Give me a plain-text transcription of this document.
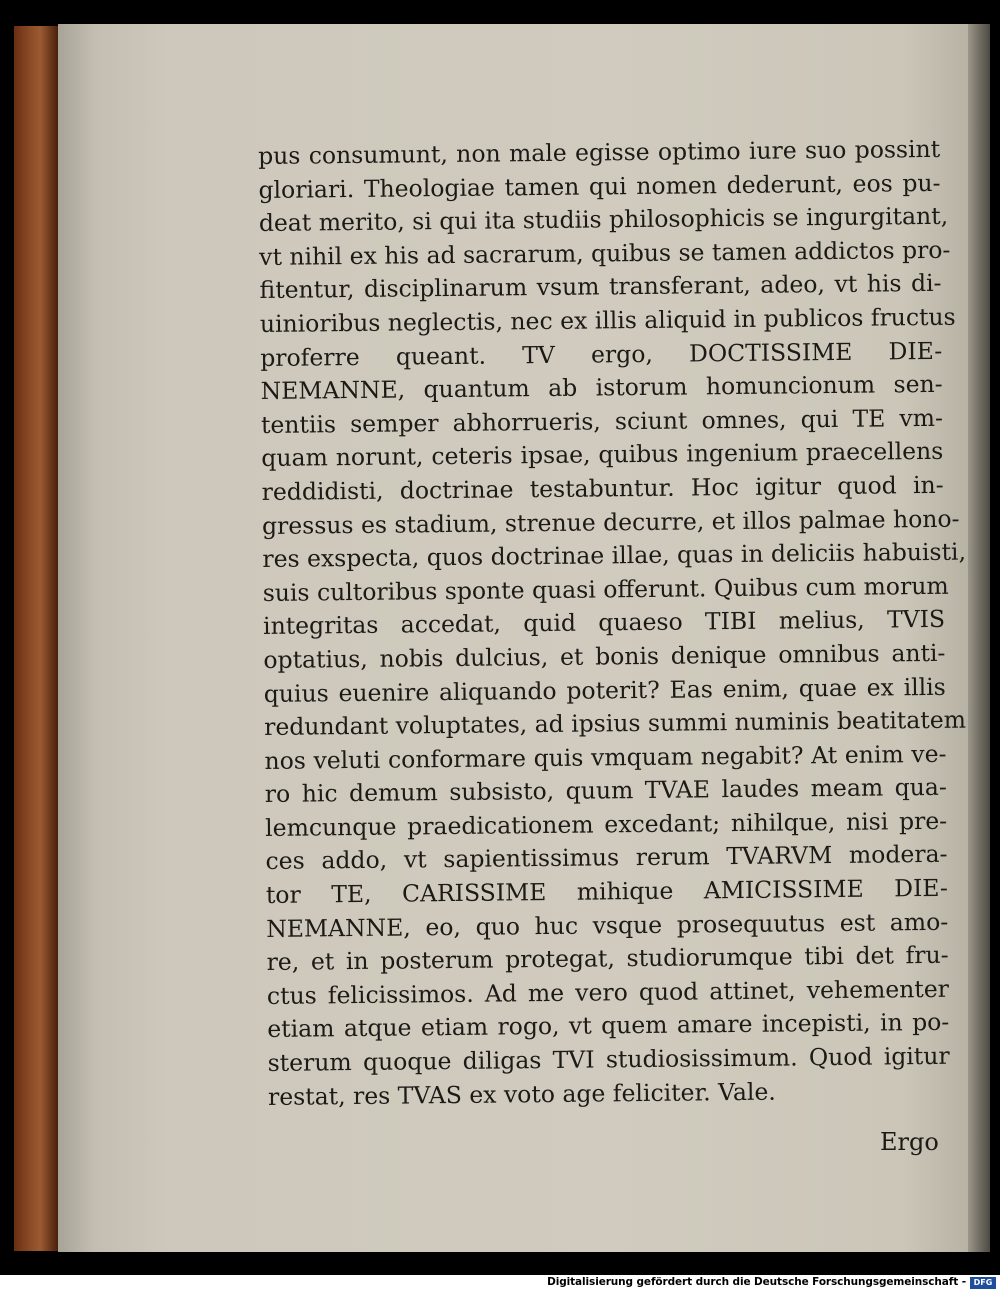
pus consumunt, non male egisse optimo iure suo possint
gloriari. Theologiae tamen qui nomen dederunt, eos pu-
deat merito, si qui ita studiis philosophicis se ingurgitant,
vt nihil ex his ad sacrarum, quibus se tamen addictos pro-
fitentur, disciplinarum vsum transferant, adeo, vt his di-
uinioribus neglectis, nec ex illis aliquid in publicos fructus
proferre queant. TV ergo, DOCTISSIME DIE-
NEMANNE, quantum ab istorum homuncionum sen-
tentiis semper abhorrueris, sciunt omnes, qui TE vm-
quam norunt, ceteris ipsae, quibus ingenium praecellens
reddidisti, doctrinae testabuntur. Hoc igitur quod in-
gressus es stadium, strenue decurre, et illos palmae hono-
res exspecta, quos doctrinae illae, quas in deliciis habuisti,
suis cultoribus sponte quasi offerunt. Quibus cum morum
integritas accedat, quid quaeso TIBI melius, TVIS
optatius, nobis dulcius, et bonis denique omnibus anti-
quius euenire aliquando poterit? Eas enim, quae ex illis
redundant voluptates, ad ipsius summi numinis beatitatem
nos veluti conformare quis vmquam negabit? At enim ve-
ro hic demum subsisto, quum TVAE laudes meam qua-
lemcunque praedicationem excedant; nihilque, nisi pre-
ces addo, vt sapientissimus rerum TVARVM modera-
tor TE, CARISSIME mihique AMICISSIME DIE-
NEMANNE, eo, quo huc vsque prosequutus est amo-
re, et in posterum protegat, studiorumque tibi det fru-
ctus felicissimos. Ad me vero quod attinet, vehementer
etiam atque etiam rogo, vt quem amare incepisti, in po-
sterum quoque diligas TVI studiosissimum. Quod igitur
restat, res TVAS ex voto age feliciter. Vale.
Ergo
Digitalisierung gefördert durch die Deutsche Forschungsgemeinschaft - DFG
